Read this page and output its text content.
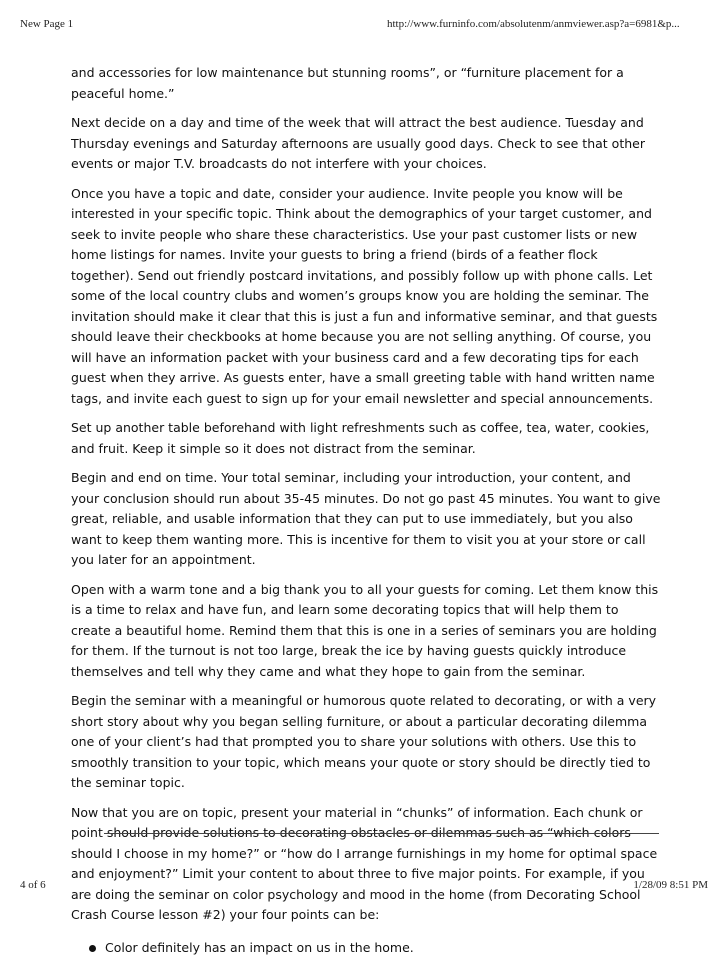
New Page 1	http://www.furninfo.com/absolutenm/anmviewer.asp?a=6981&p...

and accessories for low maintenance but stunning rooms”, or “furniture placement for a peaceful home.”

Next decide on a day and time of the week that will attract the best audience. Tuesday and Thursday evenings and Saturday afternoons are usually good days. Check to see that other events or major T.V. broadcasts do not interfere with your choices.

Once you have a topic and date, consider your audience. Invite people you know will be interested in your specific topic. Think about the demographics of your target customer, and seek to invite people who share these characteristics. Use your past customer lists or new home listings for names. Invite your guests to bring a friend (birds of a feather flock together). Send out friendly postcard invitations, and possibly follow up with phone calls. Let some of the local country clubs and women’s groups know you are holding the seminar. The invitation should make it clear that this is just a fun and informative seminar, and that guests should leave their checkbooks at home because you are not selling anything. Of course, you will have an information packet with your business card and a few decorating tips for each guest when they arrive. As guests enter, have a small greeting table with hand written name tags, and invite each guest to sign up for your email newsletter and special announcements.

Set up another table beforehand with light refreshments such as coffee, tea, water, cookies, and fruit. Keep it simple so it does not distract from the seminar.

Begin and end on time. Your total seminar, including your introduction, your content, and your conclusion should run about 35-45 minutes. Do not go past 45 minutes. You want to give great, reliable, and usable information that they can put to use immediately, but you also want to keep them wanting more. This is incentive for them to visit you at your store or call you later for an appointment.

Open with a warm tone and a big thank you to all your guests for coming. Let them know this is a time to relax and have fun, and learn some decorating topics that will help them to create a beautiful home. Remind them that this is one in a series of seminars you are holding for them. If the turnout is not too large, break the ice by having guests quickly introduce themselves and tell why they came and what they hope to gain from the seminar.

Begin the seminar with a meaningful or humorous quote related to decorating, or with a very short story about why you began selling furniture, or about a particular decorating dilemma one of your client’s had that prompted you to share your solutions with others. Use this to smoothly transition to your topic, which means your quote or story should be directly tied to the seminar topic.

Now that you are on topic, present your material in “chunks” of information. Each chunk or point should provide solutions to decorating obstacles or dilemmas such as “which colors should I choose in my home?” or “how do I arrange furnishings in my home for optimal space and enjoyment?” Limit your content to about three to five major points. For example, if you are doing the seminar on color psychology and mood in the home (from Decorating School Crash Course lesson #2) your four points can be:

Color definitely has an impact on us in the home.
4 of 6	1/28/09 8:51 PM
